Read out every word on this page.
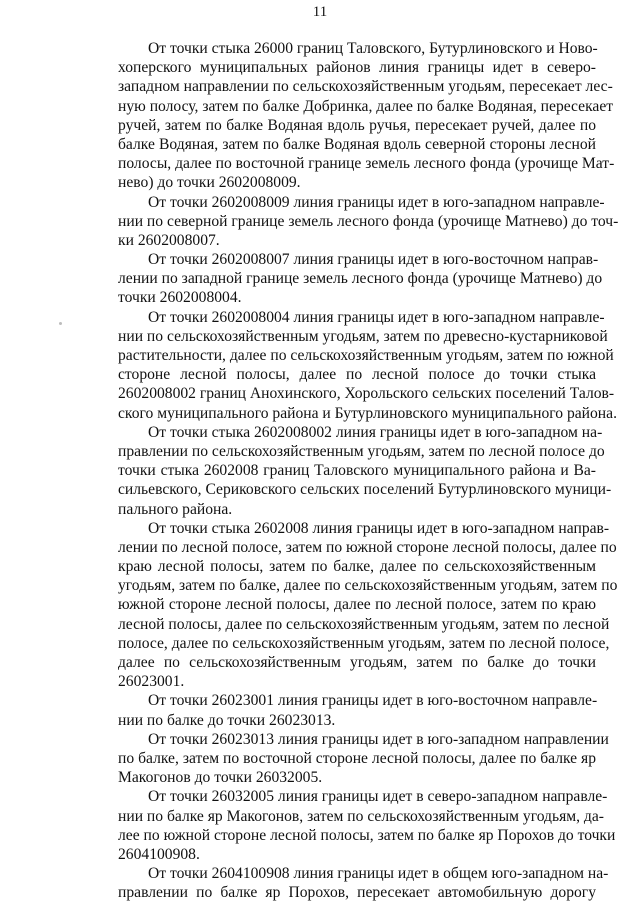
11
От точки стыка 26000 границ Таловского, Бутурлиновского и Ново-
хоперского муниципальных районов линия границы идет в северо-
западном направлении по сельскохозяйственным угодьям, пересекает лес-
ную полосу, затем по балке Добринка, далее по балке Водяная, пересекает
ручей, затем по балке Водяная вдоль ручья, пересекает ручей, далее по
балке Водяная, затем по балке Водяная вдоль северной стороны лесной
полосы, далее по восточной границе земель лесного фонда (урочище Мат-
нево) до точки 2602008009.
От точки 2602008009 линия границы идет в юго-западном направле-
нии по северной границе земель лесного фонда (урочище Матнево) до точ-
ки 2602008007.
От точки 2602008007 линия границы идет в юго-восточном направ-
лении по западной границе земель лесного фонда (урочище Матнево) до
точки 2602008004.
От точки 2602008004 линия границы идет в юго-западном направле-
нии по сельскохозяйственным угодьям, затем по древесно-кустарниковой
растительности, далее по сельскохозяйственным угодьям, затем по южной
стороне лесной полосы, далее по лесной полосе до точки стыка
2602008002 границ Анохинского, Хорольского сельских поселений Талов-
ского муниципального района и Бутурлиновского муниципального района.
От точки стыка 2602008002 линия границы идет в юго-западном на-
правлении по сельскохозяйственным угодьям, затем по лесной полосе до
точки стыка 2602008 границ Таловского муниципального района и Ва-
сильевского, Сериковского сельских поселений Бутурлиновского муници-
пального района.
От точки стыка 2602008 линия границы идет в юго-западном направ-
лении по лесной полосе, затем по южной стороне лесной полосы, далее по
краю лесной полосы, затем по балке, далее по сельскохозяйственным
угодьям, затем по балке, далее по сельскохозяйственным угодьям, затем по
южной стороне лесной полосы, далее по лесной полосе, затем по краю
лесной полосы, далее по сельскохозяйственным угодьям, затем по лесной
полосе, далее по сельскохозяйственным угодьям, затем по лесной полосе,
далее по сельскохозяйственным угодьям, затем по балке до точки
26023001.
От точки 26023001 линия границы идет в юго-восточном направле-
нии по балке до точки 26023013.
От точки 26023013 линия границы идет в юго-западном направлении
по балке, затем по восточной стороне лесной полосы, далее по балке яр
Макогонов до точки 26032005.
От точки 26032005 линия границы идет в северо-западном направле-
нии по балке яр Макогонов, затем по сельскохозяйственным угодьям, да-
лее по южной стороне лесной полосы, затем по балке яр Порохов до точки
2604100908.
От точки 2604100908 линия границы идет в общем юго-западном на-
правлении по балке яр Порохов, пересекает автомобильную дорогу
